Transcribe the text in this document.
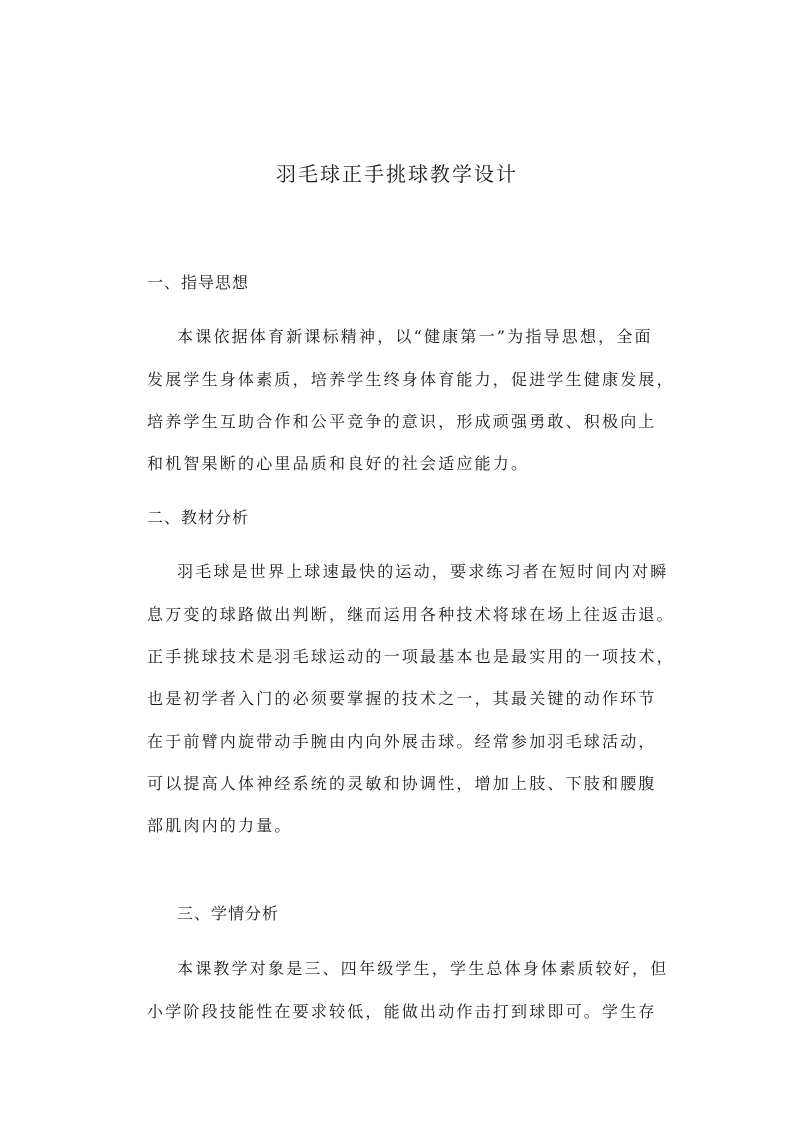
羽毛球正手挑球教学设计
一、指导思想
本课依据体育新课标精神，以“健康第一”为指导思想，全面
发展学生身体素质，培养学生终身体育能力，促进学生健康发展，
培养学生互助合作和公平竞争的意识，形成顽强勇敢、积极向上
和机智果断的心里品质和良好的社会适应能力。
二、教材分析
羽毛球是世界上球速最快的运动，要求练习者在短时间内对瞬
息万变的球路做出判断，继而运用各种技术将球在场上往返击退。
正手挑球技术是羽毛球运动的一项最基本也是最实用的一项技术，
也是初学者入门的必须要掌握的技术之一，其最关键的动作环节
在于前臂内旋带动手腕由内向外展击球。经常参加羽毛球活动，
可以提高人体神经系统的灵敏和协调性，增加上肢、下肢和腰腹
部肌肉内的力量。
三、学情分析
本课教学对象是三、四年级学生，学生总体身体素质较好，但
小学阶段技能性在要求较低，能做出动作击打到球即可。学生存
